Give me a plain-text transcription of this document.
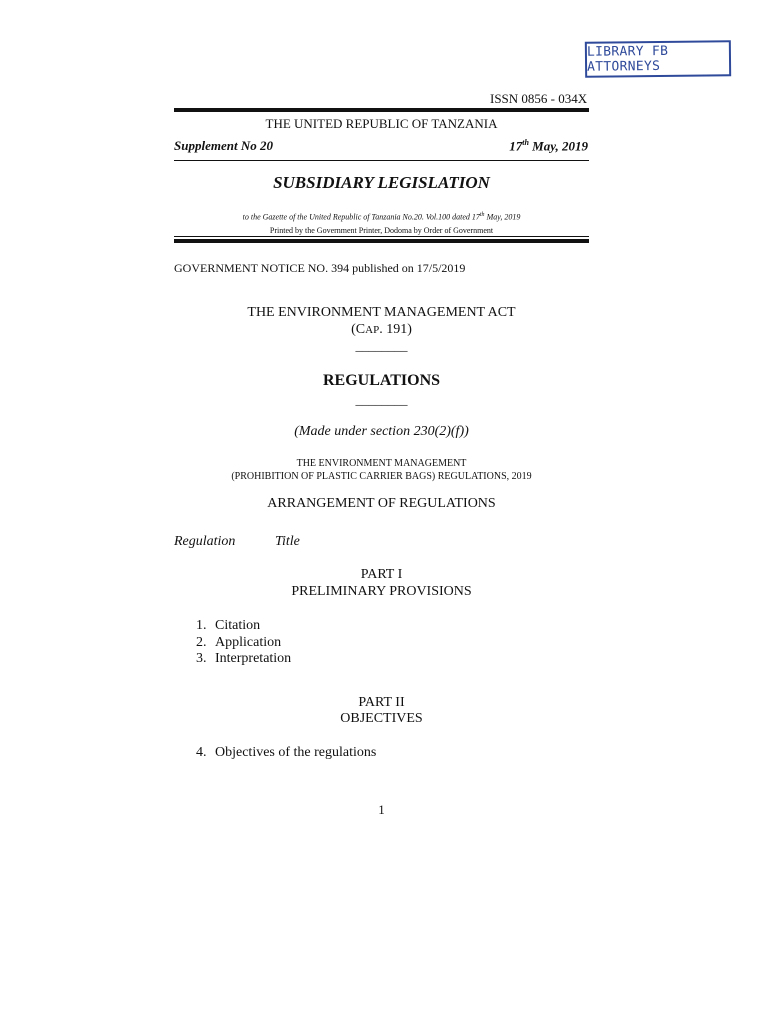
LIBRARY FB ATTORNEYS
ISSN 0856 - 034X
THE UNITED REPUBLIC OF TANZANIA
Supplement No 20	17th May, 2019
SUBSIDIARY LEGISLATION
to the Gazette of the United Republic of Tanzania No.20. Vol.100 dated 17th May, 2019
Printed by the Government Printer, Dodoma by Order of Government
GOVERNMENT NOTICE NO. 394 published on 17/5/2019
THE ENVIRONMENT MANAGEMENT ACT
(CAP. 191)
________
REGULATIONS
________
(Made under section 230(2)(f))
THE ENVIRONMENT MANAGEMENT
(PROHIBITION OF PLASTIC CARRIER BAGS) REGULATIONS, 2019
ARRANGEMENT OF REGULATIONS
Regulation	Title
PART I
PRELIMINARY PROVISIONS
1. Citation
2. Application
3. Interpretation
PART II
OBJECTIVES
4. Objectives of the regulations
1
